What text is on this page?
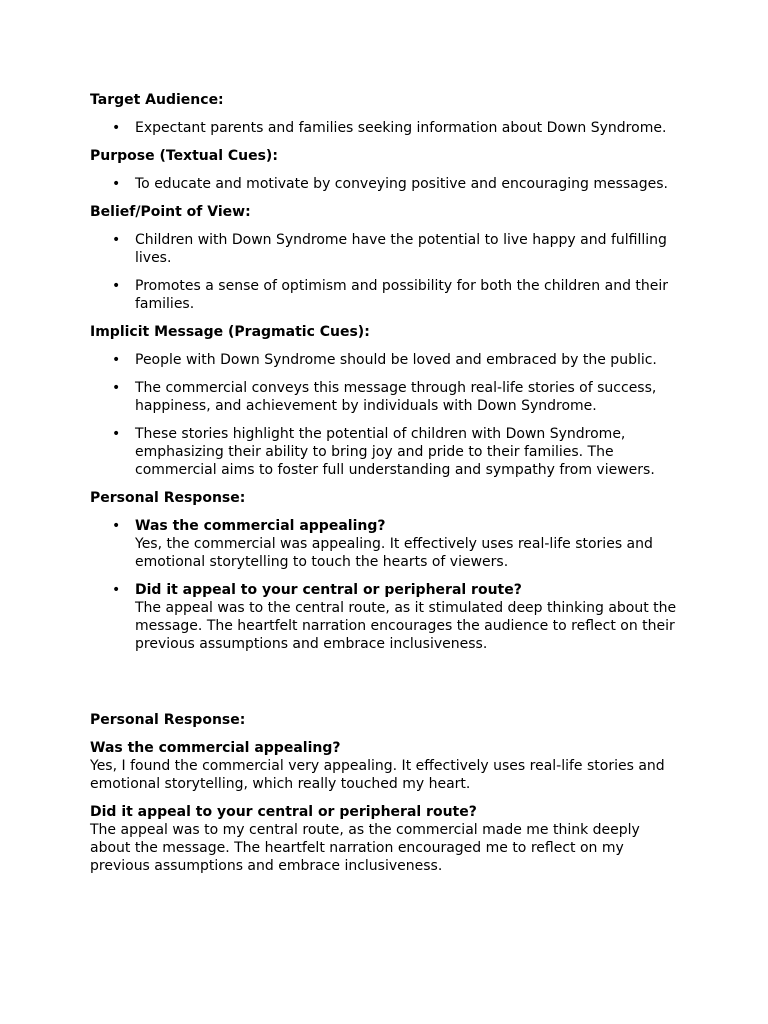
Target Audience:
• Expectant parents and families seeking information about Down Syndrome.
Purpose (Textual Cues):
• To educate and motivate by conveying positive and encouraging messages.
Belief/Point of View:
• Children with Down Syndrome have the potential to live happy and fulfilling lives.
• Promotes a sense of optimism and possibility for both the children and their families.
Implicit Message (Pragmatic Cues):
• People with Down Syndrome should be loved and embraced by the public.
• The commercial conveys this message through real-life stories of success, happiness, and achievement by individuals with Down Syndrome.
• These stories highlight the potential of children with Down Syndrome, emphasizing their ability to bring joy and pride to their families. The commercial aims to foster full understanding and sympathy from viewers.
Personal Response:
• Was the commercial appealing?
Yes, the commercial was appealing. It effectively uses real-life stories and emotional storytelling to touch the hearts of viewers.
• Did it appeal to your central or peripheral route?
The appeal was to the central route, as it stimulated deep thinking about the message. The heartfelt narration encourages the audience to reflect on their previous assumptions and embrace inclusiveness.
Personal Response:
Was the commercial appealing?
Yes, I found the commercial very appealing. It effectively uses real-life stories and emotional storytelling, which really touched my heart.
Did it appeal to your central or peripheral route?
The appeal was to my central route, as the commercial made me think deeply about the message. The heartfelt narration encouraged me to reflect on my previous assumptions and embrace inclusiveness.
